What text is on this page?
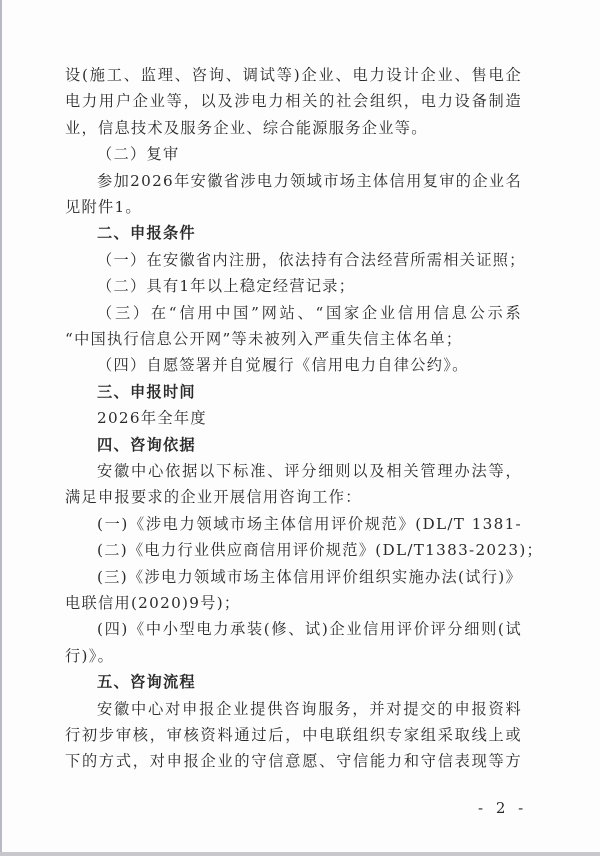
设(施工、监理、咨询、调试等)企业、电力设计企业、售电企
电力用户企业等，以及涉电力相关的社会组织，电力设备制造
业，信息技术及服务企业、综合能源服务企业等。
（二）复审
参加2026年安徽省涉电力领域市场主体信用复审的企业名
见附件1。
二、申报条件
（一）在安徽省内注册，依法持有合法经营所需相关证照；
（二）具有1年以上稳定经营记录；
（三）在“信用中国”网站、“国家企业信用信息公示系
“中国执行信息公开网”等未被列入严重失信主体名单；
（四）自愿签署并自觉履行《信用电力自律公约》。
三、申报时间
2026年全年度
四、咨询依据
安徽中心依据以下标准、评分细则以及相关管理办法等，
满足申报要求的企业开展信用咨询工作：
(一)《涉电力领域市场主体信用评价规范》(DL/T 1381-
(二)《电力行业供应商信用评价规范》(DL/T1383-2023)；
(三)《涉电力领域市场主体信用评价组织实施办法(试行)》
电联信用(2020)9号)；
(四)《中小型电力承装(修、试)企业信用评价评分细则(试
行)》。
五、咨询流程
安徽中心对申报企业提供咨询服务，并对提交的申报资料
行初步审核，审核资料通过后，中电联组织专家组采取线上或
下的方式，对申报企业的守信意愿、守信能力和守信表现等方
- 2 -
